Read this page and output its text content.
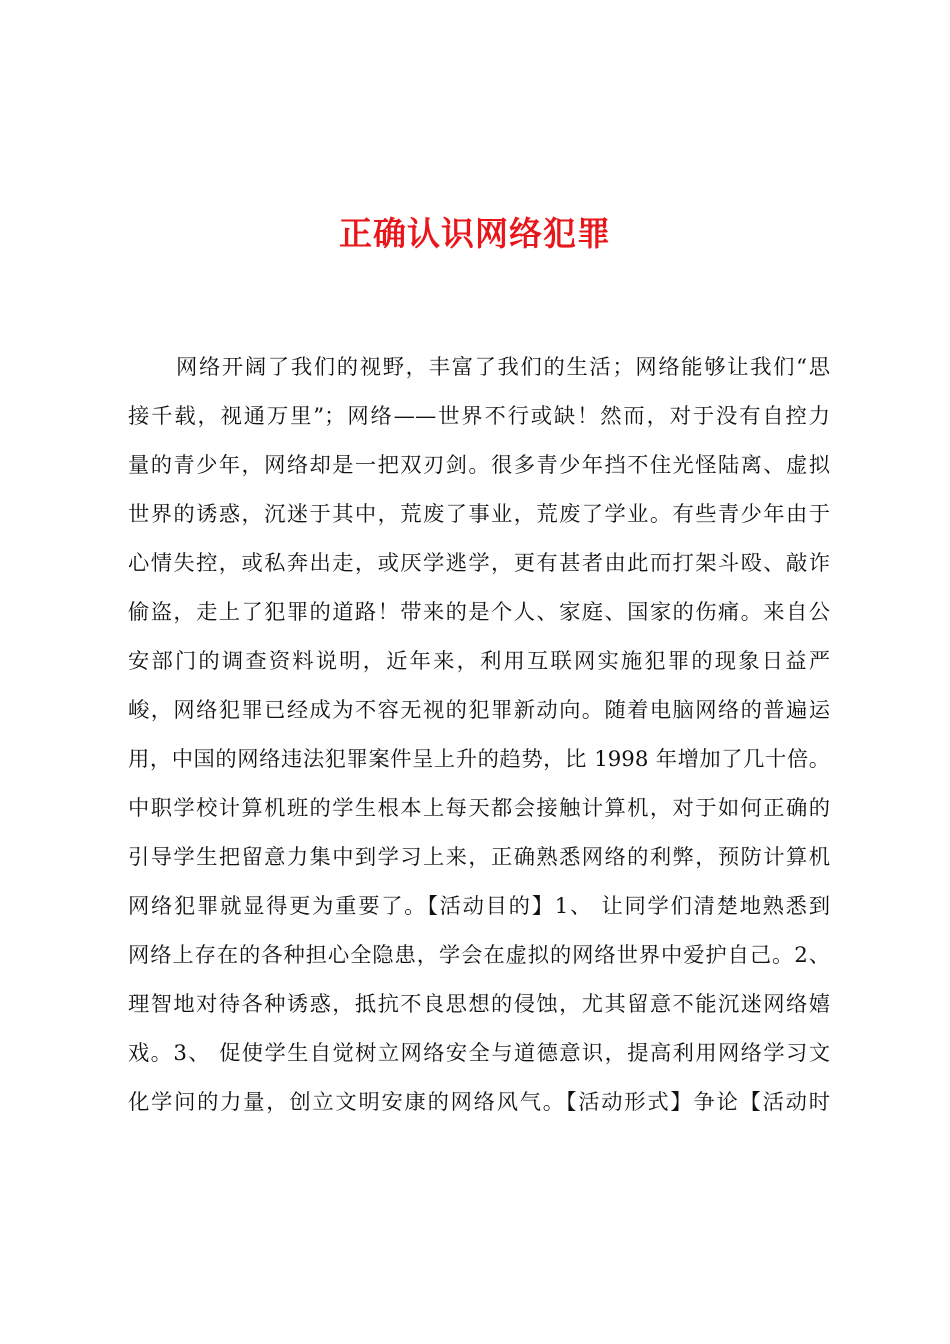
正确认识网络犯罪
网络开阔了我们的视野，丰富了我们的生活；网络能够让我们“思
接千载，视通万里”；网络——世界不行或缺！然而，对于没有自控力
量的青少年，网络却是一把双刃剑。很多青少年挡不住光怪陆离、虚拟
世界的诱惑，沉迷于其中，荒废了事业，荒废了学业。有些青少年由于
心情失控，或私奔出走，或厌学逃学，更有甚者由此而打架斗殴、敲诈
偷盗，走上了犯罪的道路！带来的是个人、家庭、国家的伤痛。来自公
安部门的调查资料说明，近年来，利用互联网实施犯罪的现象日益严
峻，网络犯罪已经成为不容无视的犯罪新动向。随着电脑网络的普遍运
用，中国的网络违法犯罪案件呈上升的趋势，比 1998 年增加了几十倍。
中职学校计算机班的学生根本上每天都会接触计算机，对于如何正确的
引导学生把留意力集中到学习上来，正确熟悉网络的利弊，预防计算机
网络犯罪就显得更为重要了。【活动目的】1、 让同学们清楚地熟悉到
网络上存在的各种担心全隐患，学会在虚拟的网络世界中爱护自己。2、
理智地对待各种诱惑，抵抗不良思想的侵蚀，尤其留意不能沉迷网络嬉
戏。3、 促使学生自觉树立网络安全与道德意识，提高利用网络学习文
化学问的力量，创立文明安康的网络风气。【活动形式】争论【活动时
